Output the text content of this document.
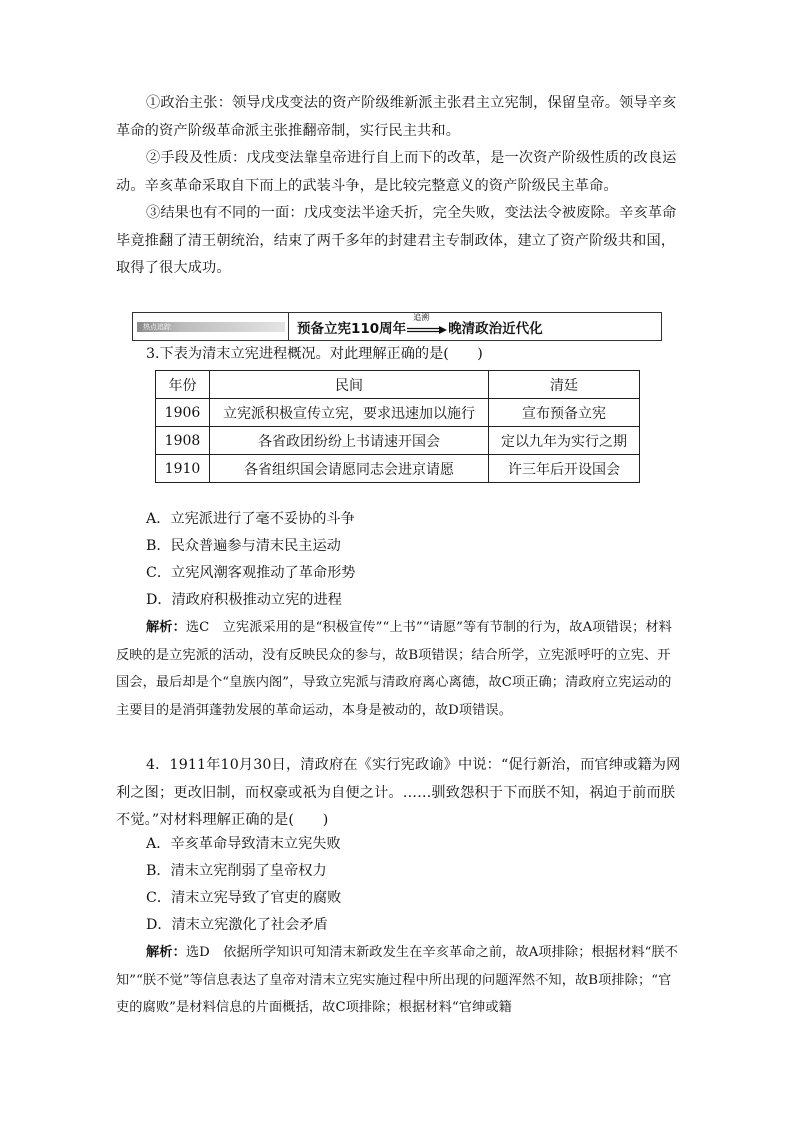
①政治主张：领导戊戌变法的资产阶级维新派主张君主立宪制，保留皇帝。领导辛亥革命的资产阶级革命派主张推翻帝制，实行民主共和。

②手段及性质：戊戌变法靠皇帝进行自上而下的改革，是一次资产阶级性质的改良运动。辛亥革命采取自下而上的武装斗争，是比较完整意义的资产阶级民主革命。

③结果也有不同的一面：戊戌变法半途夭折，完全失败，变法法令被废除。辛亥革命毕竟推翻了清王朝统治，结束了两千多年的封建君主专制政体，建立了资产阶级共和国，取得了很大成功。

热点追踪	预备立宪110周年
追溯
晚清政治近代化

3.下表为清末立宪进程概况。对此理解正确的是(　　)

年份	民间	清廷
1906	立宪派积极宣传立宪，要求迅速加以施行	宣布预备立宪
1908	各省政团纷纷上书请速开国会	定以九年为实行之期
1910	各省组织国会请愿同志会进京请愿	许三年后开设国会

A．立宪派进行了毫不妥协的斗争

B．民众普遍参与清末民主运动

C．立宪风潮客观推动了革命形势

D．清政府积极推动立宪的进程

解析：选C　立宪派采用的是“积极宣传”“上书”“请愿”等有节制的行为，故A项错误；材料反映的是立宪派的活动，没有反映民众的参与，故B项错误；结合所学，立宪派呼吁的立宪、开国会，最后却是个“皇族内阁”，导致立宪派与清政府离心离德，故C项正确；清政府立宪运动的主要目的是消弭蓬勃发展的革命运动，本身是被动的，故D项错误。

4．1911年10月30日，清政府在《实行宪政谕》中说：“促行新治，而官绅或籍为网利之图；更改旧制，而权豪或祇为自便之计。……驯致怨积于下而朕不知，祸迫于前而朕不觉。”对材料理解正确的是(　　)

A．辛亥革命导致清末立宪失败

B．清末立宪削弱了皇帝权力

C．清末立宪导致了官吏的腐败

D．清末立宪激化了社会矛盾

解析：选D　依据所学知识可知清末新政发生在辛亥革命之前，故A项排除；根据材料“朕不知”“朕不觉”等信息表达了皇帝对清末立宪实施过程中所出现的问题浑然不知，故B项排除；“官吏的腐败”是材料信息的片面概括，故C项排除；根据材料“官绅或籍
